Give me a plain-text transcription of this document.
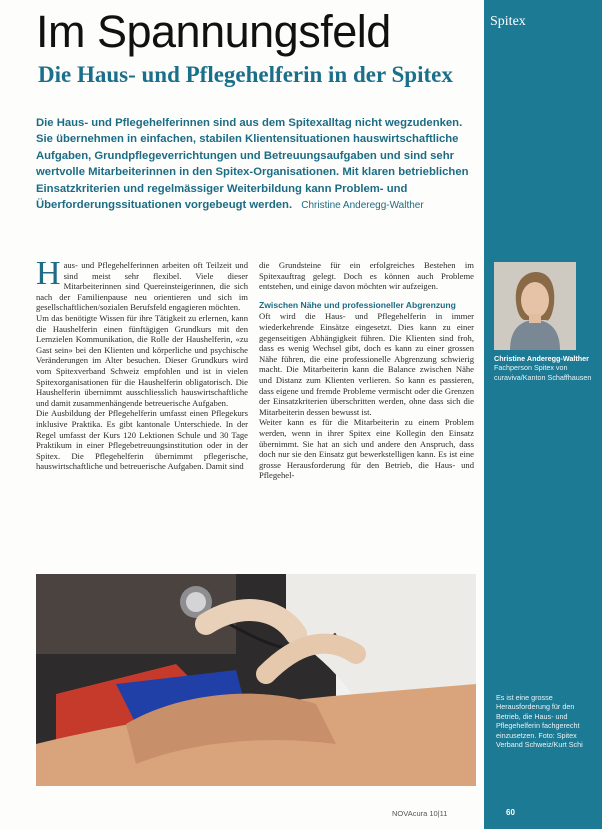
Spitex
Im Spannungsfeld
Die Haus- und Pflegehelferin in der Spitex
Die Haus- und Pflegehelferinnen sind aus dem Spitexalltag nicht wegzudenken. Sie übernehmen in einfachen, stabilen Klientensituationen hauswirtschaftliche Aufgaben, Grundpflegeverrichtungen und Betreuungsaufgaben und sind sehr wertvolle Mitarbeiterinnen in den Spitex-Organisationen. Mit klaren betrieblichen Einsatzkriterien und regelmässiger Weiterbildung kann Problem- und Überforderungssituationen vorgebeugt werden. Christine Anderegg-Walther
H aus- und Pflegehelferinnen arbeiten oft Teilzeit und sind meist sehr flexibel. Viele dieser Mitarbeiterinnen sind Quereinsteigerinnen, die sich nach der Familienpause neu orientieren und sich im gesellschaftlichen/sozialen Berufsfeld engagieren möchten.

Um das benötigte Wissen für ihre Tätigkeit zu erlernen, kann die Haushelferin einen fünftägigen Grundkurs mit den Lernzielen Kommunikation, die Rolle der Haushelferin, «zu Gast sein» bei den Klienten und körperliche und psychische Veränderungen im Alter besuchen. Dieser Grundkurs wird vom Spitexverband Schweiz empfohlen und ist in vielen Spitexorganisationen für die Haushelferin obligatorisch. Die Haushelferin übernimmt ausschliesslich hauswirtschaftliche und damit zusammenhängende betreuerische Aufgaben.

Die Ausbildung der Pflegehelferin umfasst einen Pflegekurs inklusive Praktika. Es gibt kantonale Unterschiede. In der Regel umfasst der Kurs 120 Lektionen Schule und 30 Tage Praktikum in einer Pflegebetreuungsinstitution oder in der Spitex. Die Pflegehelferin übernimmt pflegerische, hauswirtschaftliche und betreuerische Aufgaben. Damit sind

die Grundsteine für ein erfolgreiches Bestehen im Spitexauftrag gelegt. Doch es können auch Probleme entstehen, und einige davon möchten wir aufzeigen.

Zwischen Nähe und professioneller Abgrenzung

Oft wird die Haus- und Pflegehelferin in immer wiederkehrende Einsätze eingesetzt. Dies kann zu einer gegenseitigen Abhängigkeit führen. Die Klienten sind froh, dass es wenig Wechsel gibt, doch es kann zu einer grossen Nähe führen, die eine professionelle Abgrenzung schwierig macht. Die Mitarbeiterin kann die Balance zwischen Nähe und Distanz zum Klienten verlieren. So kann es passieren, dass eigene und fremde Probleme vermischt oder die Grenzen der Einsatzkriterien überschritten werden, ohne dass sich die Mitarbeiterin dessen bewusst ist.

Weiter kann es für die Mitarbeiterin zu einem Problem werden, wenn in ihrer Spitex eine Kollegin den Einsatz übernimmt. Sie hat an sich und andere den Anspruch, dass doch nur sie den Einsatz gut bewerkstelligen kann. Es ist eine grosse Herausforderung für den Betrieb, die Haus- und Pflegehel-

Christine Anderegg-Walther Fachperson Spitex von curaviva/Kanton Schaffhausen
Es ist eine grosse Herausforderung für den Betrieb, die Haus- und Pflegehelferin fachgerecht einzusetzen. Foto: Spitex Verband Schweiz/Kurt Schi
NOVAcura 10|11	60
